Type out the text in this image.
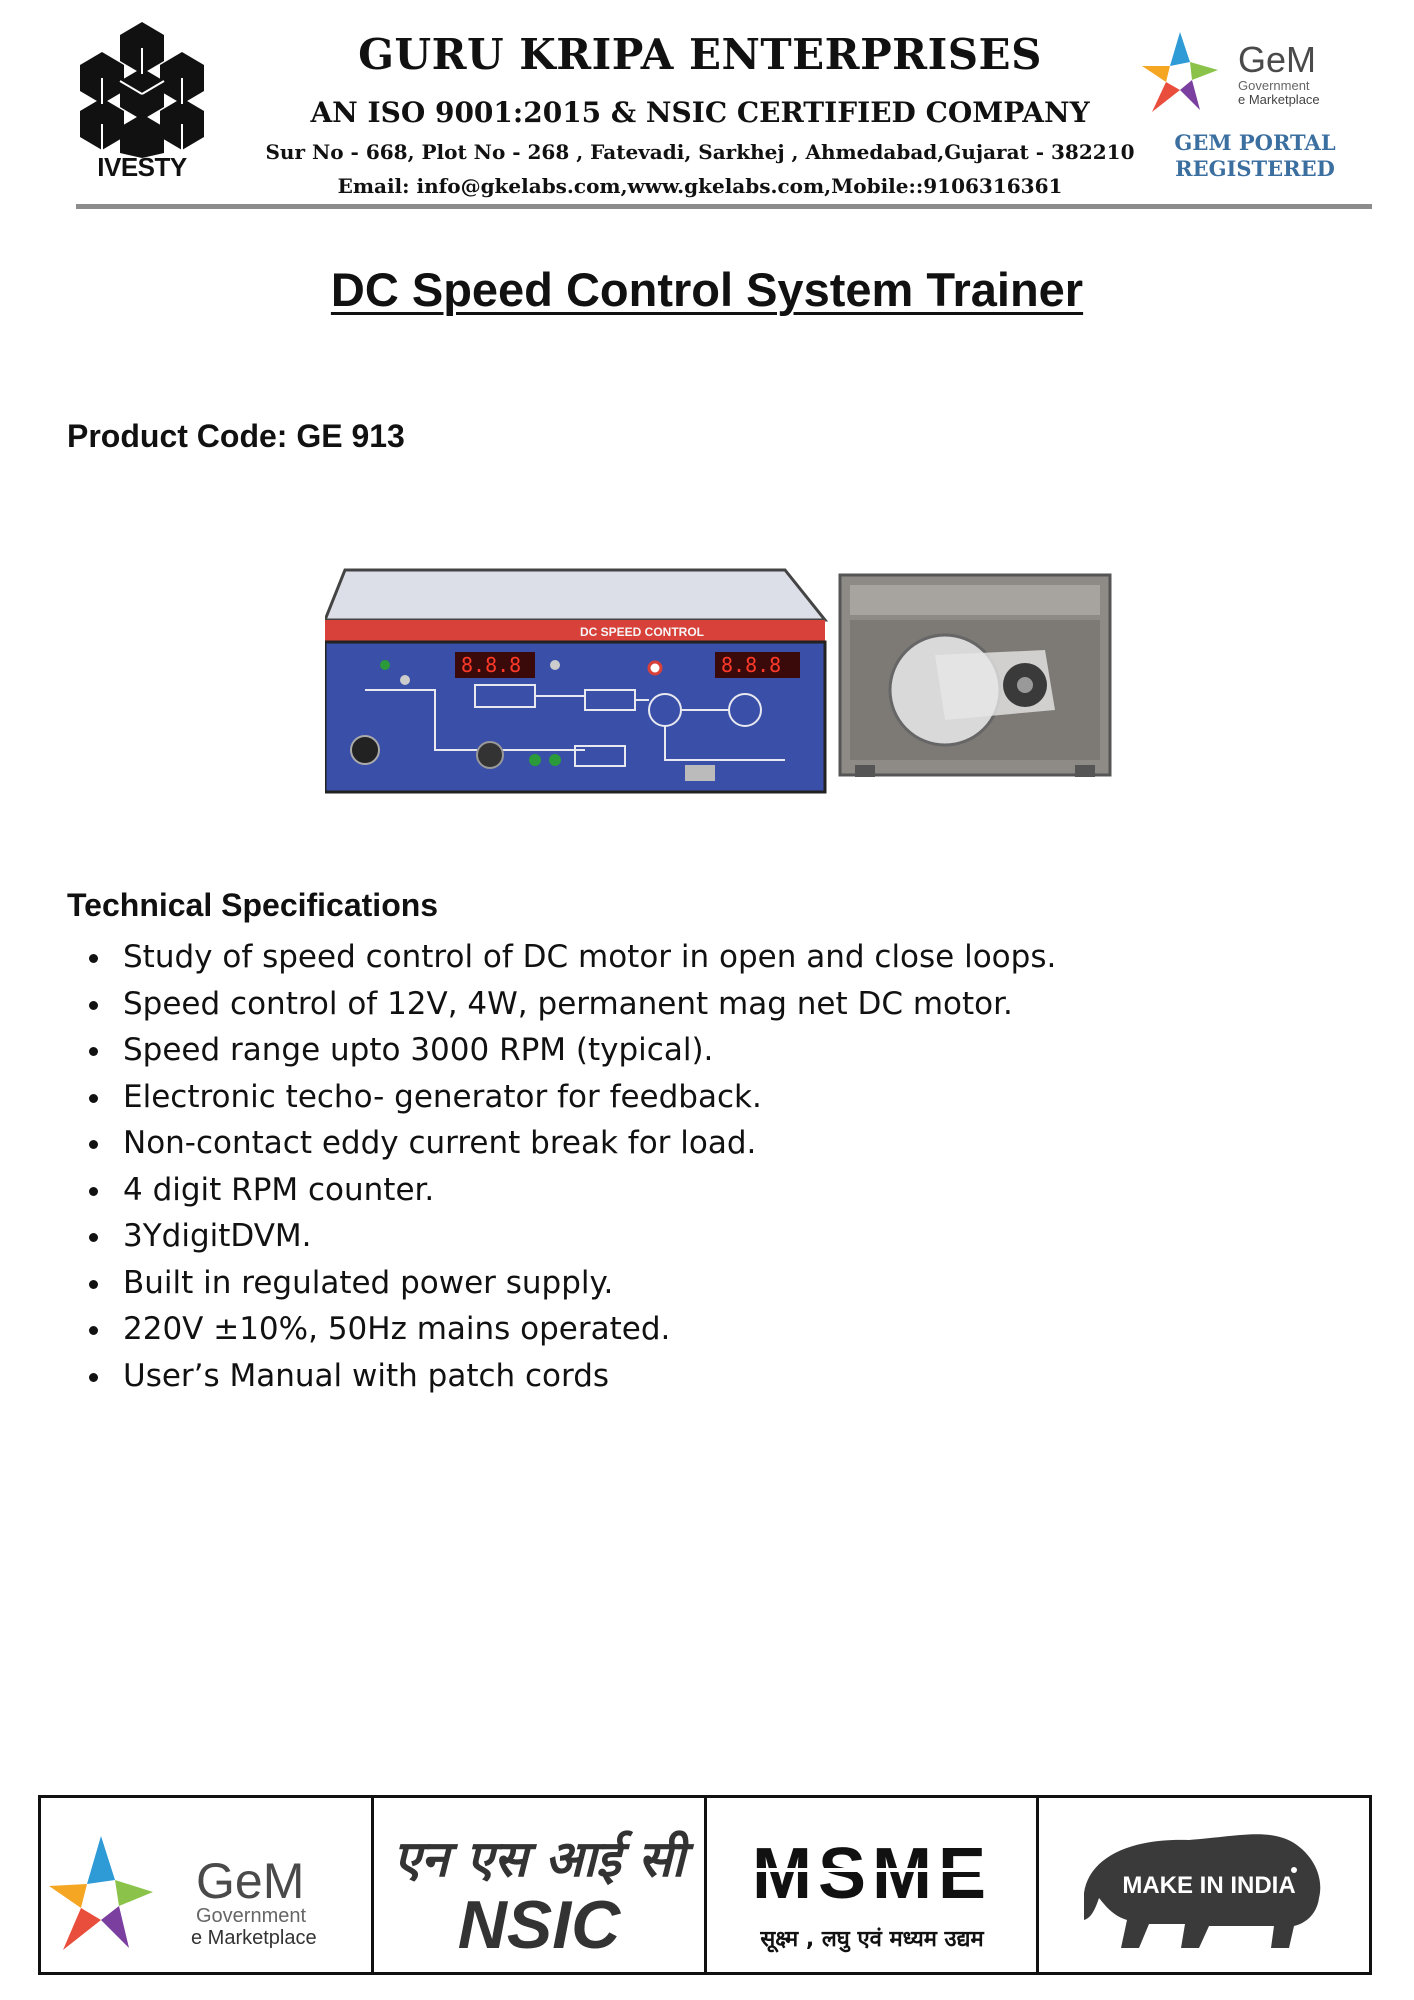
IVESTY
GURU KRIPA ENTERPRISES
AN ISO 9001:2015 & NSIC CERTIFIED COMPANY
Sur No - 668, Plot No - 268 , Fatevadi, Sarkhej , Ahmedabad,Gujarat - 382210
Email: info@gkelabs.com,www.gkelabs.com,Mobile::9106316361
GeM
Government
e Marketplace
GEM PORTAL
REGISTERED
DC Speed Control System Trainer
Product Code: GE 913
DC SPEED CONTROL
8.8.8	8.8.8
Technical Specifications
Study of speed control of DC motor in open and close loops.
Speed control of 12V, 4W, permanent mag net DC motor.
Speed range upto 3000 RPM (typical).
Electronic techo- generator for feedback.
Non-contact eddy current break for load.
4 digit RPM counter.
3YdigitDVM.
Built in regulated power supply.
220V ±10%, 50Hz mains operated.
User’s Manual with patch cords
GeM
Government
e Marketplace
एन एस आई सी
NSIC
MSME
सूक्ष्म , लघु एवं मध्यम उद्यम
MAKE IN INDIA
